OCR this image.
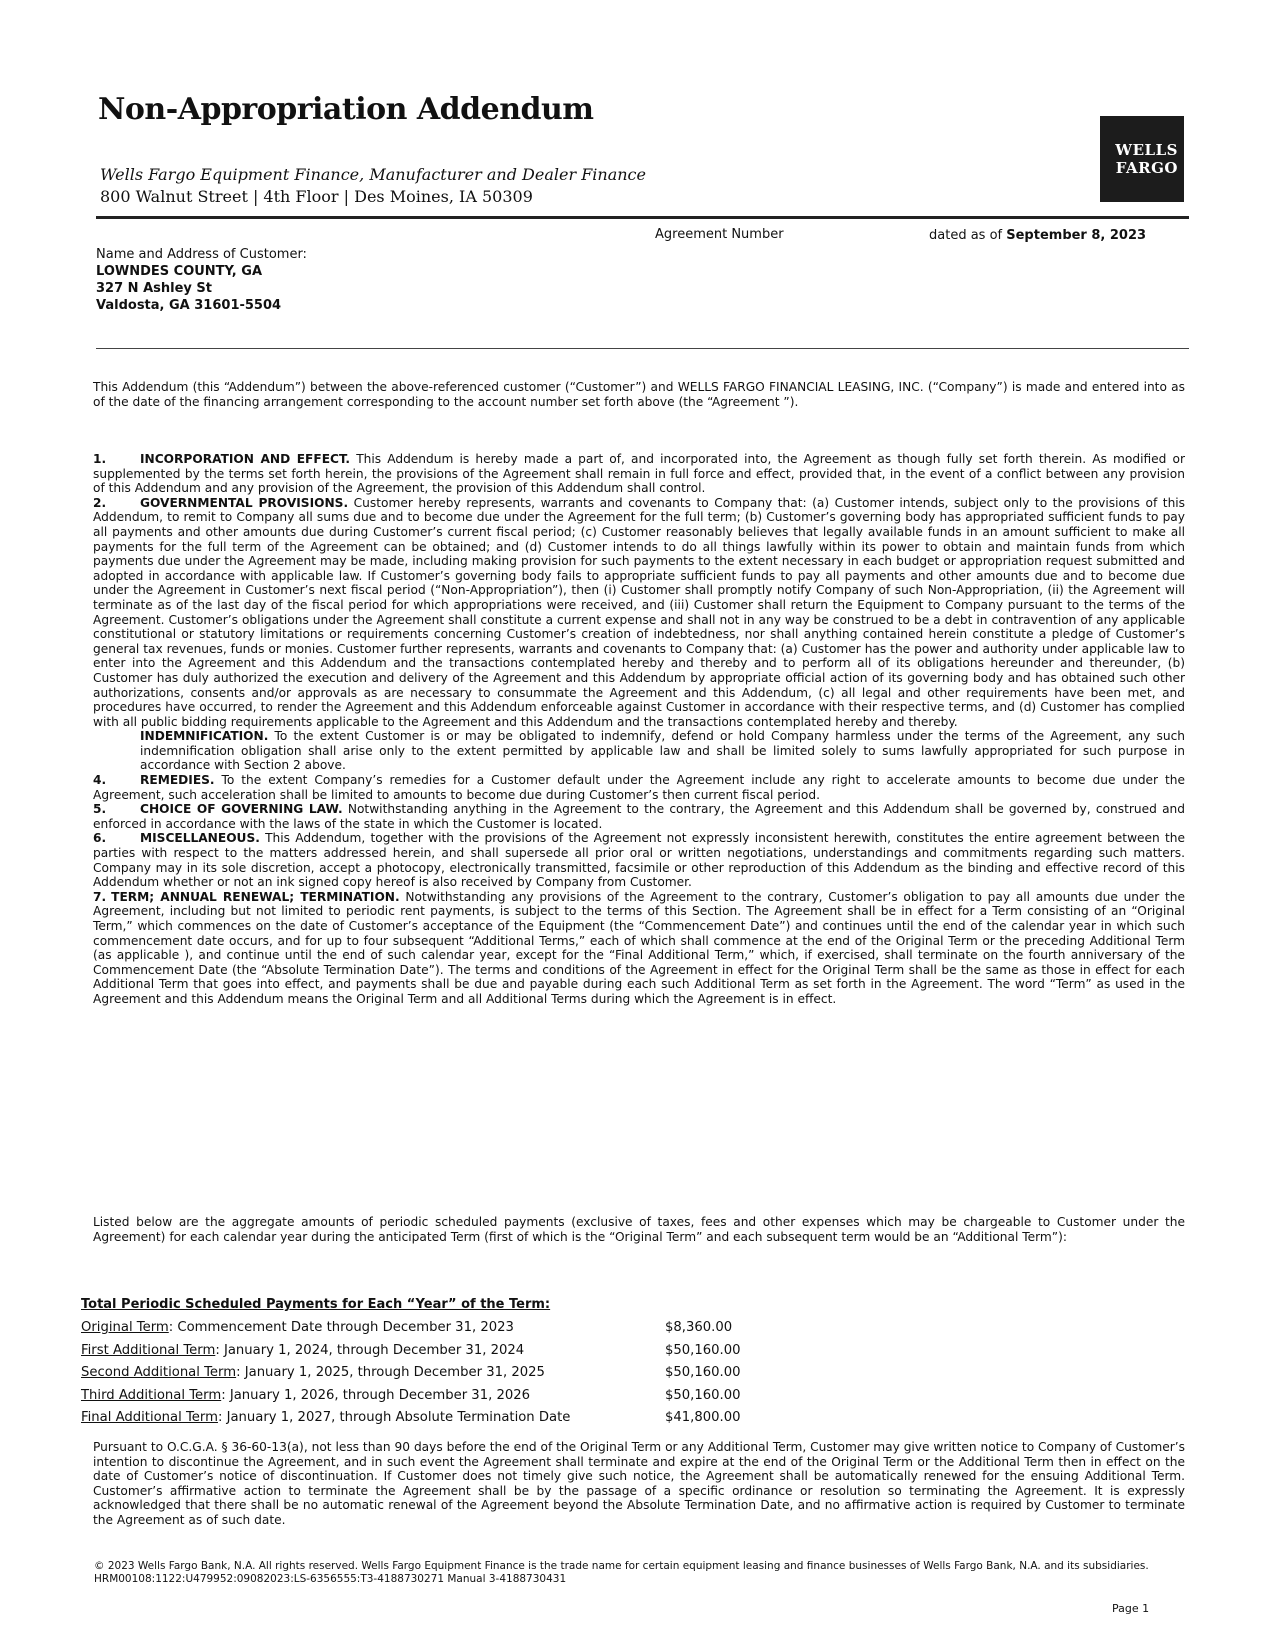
Non-Appropriation Addendum
Wells Fargo Equipment Finance, Manufacturer and Dealer Finance
800 Walnut Street | 4th Floor | Des Moines, IA 50309
WELLS
FARGO
Agreement Number	dated as of September 8, 2023
Name and Address of Customer:
LOWNDES COUNTY, GA
327 N Ashley St
Valdosta, GA 31601-5504

This Addendum (this “Addendum”) between the above-referenced customer (“Customer”) and WELLS FARGO FINANCIAL LEASING, INC. (“Company”) is made and entered into as of the date of the financing arrangement corresponding to the account number set forth above (the “Agreement ”).

1.	INCORPORATION AND EFFECT. This Addendum is hereby made a part of, and incorporated into, the Agreement as though fully set forth therein. As modified or supplemented by the terms set forth herein, the provisions of the Agreement shall remain in full force and effect, provided that, in the event of a conflict between any provision of this Addendum and any provision of the Agreement, the provision of this Addendum shall control.

2.	GOVERNMENTAL PROVISIONS. Customer hereby represents, warrants and covenants to Company that: (a) Customer intends, subject only to the provisions of this Addendum, to remit to Company all sums due and to become due under the Agreement for the full term; (b) Customer’s governing body has appropriated sufficient funds to pay all payments and other amounts due during Customer’s current fiscal period; (c) Customer reasonably believes that legally available funds in an amount sufficient to make all payments for the full term of the Agreement can be obtained; and (d) Customer intends to do all things lawfully within its power to obtain and maintain funds from which payments due under the Agreement may be made, including making provision for such payments to the extent necessary in each budget or appropriation request submitted and adopted in accordance with applicable law. If Customer’s governing body fails to appropriate sufficient funds to pay all payments and other amounts due and to become due under the Agreement in Customer’s next fiscal period (“Non-Appropriation”), then (i) Customer shall promptly notify Company of such Non-Appropriation, (ii) the Agreement will terminate as of the last day of the fiscal period for which appropriations were received, and (iii) Customer shall return the Equipment to Company pursuant to the terms of the Agreement. Customer’s obligations under the Agreement shall constitute a current expense and shall not in any way be construed to be a debt in contravention of any applicable constitutional or statutory limitations or requirements concerning Customer’s creation of indebtedness, nor shall anything contained herein constitute a pledge of Customer’s general tax revenues, funds or monies. Customer further represents, warrants and covenants to Company that: (a) Customer has the power and authority under applicable law to enter into the Agreement and this Addendum and the transactions contemplated hereby and thereby and to perform all of its obligations hereunder and thereunder, (b) Customer has duly authorized the execution and delivery of the Agreement and this Addendum by appropriate official action of its governing body and has obtained such other authorizations, consents and/or approvals as are necessary to consummate the Agreement and this Addendum, (c) all legal and other requirements have been met, and procedures have occurred, to render the Agreement and this Addendum enforceable against Customer in accordance with their respective terms, and (d) Customer has complied with all public bidding requirements applicable to the Agreement and this Addendum and the transactions contemplated hereby and thereby.

INDEMNIFICATION. To the extent Customer is or may be obligated to indemnify, defend or hold Company harmless under the terms of the Agreement, any such indemnification obligation shall arise only to the extent permitted by applicable law and shall be limited solely to sums lawfully appropriated for such purpose in accordance with Section 2 above.

4.	REMEDIES. To the extent Company’s remedies for a Customer default under the Agreement include any right to accelerate amounts to become due under the Agreement, such acceleration shall be limited to amounts to become due during Customer’s then current fiscal period.

5.	CHOICE OF GOVERNING LAW. Notwithstanding anything in the Agreement to the contrary, the Agreement and this Addendum shall be governed by, construed and enforced in accordance with the laws of the state in which the Customer is located.

6.	MISCELLANEOUS. This Addendum, together with the provisions of the Agreement not expressly inconsistent herewith, constitutes the entire agreement between the parties with respect to the matters addressed herein, and shall supersede all prior oral or written negotiations, understandings and commitments regarding such matters. Company may in its sole discretion, accept a photocopy, electronically transmitted, facsimile or other reproduction of this Addendum as the binding and effective record of this Addendum whether or not an ink signed copy hereof is also received by Company from Customer.

7. TERM; ANNUAL RENEWAL; TERMINATION. Notwithstanding any provisions of the Agreement to the contrary, Customer’s obligation to pay all amounts due under the Agreement, including but not limited to periodic rent payments, is subject to the terms of this Section. The Agreement shall be in effect for a Term consisting of an “Original Term,” which commences on the date of Customer’s acceptance of the Equipment (the “Commencement Date”) and continues until the end of the calendar year in which such commencement date occurs, and for up to four subsequent “Additional Terms,” each of which shall commence at the end of the Original Term or the preceding Additional Term (as applicable ), and continue until the end of such calendar year, except for the “Final Additional Term,” which, if exercised, shall terminate on the fourth anniversary of the Commencement Date (the “Absolute Termination Date”). The terms and conditions of the Agreement in effect for the Original Term shall be the same as those in effect for each Additional Term that goes into effect, and payments shall be due and payable during each such Additional Term as set forth in the Agreement. The word “Term” as used in the Agreement and this Addendum means the Original Term and all Additional Terms during which the Agreement is in effect.

Listed below are the aggregate amounts of periodic scheduled payments (exclusive of taxes, fees and other expenses which may be chargeable to Customer under the Agreement) for each calendar year during the anticipated Term (first of which is the “Original Term” and each subsequent term would be an “Additional Term”):

Total Periodic Scheduled Payments for Each “Year” of the Term:
Original Term: Commencement Date through December 31, 2023	$8,360.00
First Additional Term: January 1, 2024, through December 31, 2024	$50,160.00
Second Additional Term: January 1, 2025, through December 31, 2025	$50,160.00
Third Additional Term: January 1, 2026, through December 31, 2026	$50,160.00
Final Additional Term: January 1, 2027, through Absolute Termination Date	$41,800.00

Pursuant to O.C.G.A. § 36-60-13(a), not less than 90 days before the end of the Original Term or any Additional Term, Customer may give written notice to Company of Customer’s intention to discontinue the Agreement, and in such event the Agreement shall terminate and expire at the end of the Original Term or the Additional Term then in effect on the date of Customer’s notice of discontinuation. If Customer does not timely give such notice, the Agreement shall be automatically renewed for the ensuing Additional Term. Customer’s affirmative action to terminate the Agreement shall be by the passage of a specific ordinance or resolution so terminating the Agreement. It is expressly acknowledged that there shall be no automatic renewal of the Agreement beyond the Absolute Termination Date, and no affirmative action is required by Customer to terminate the Agreement as of such date.

© 2023 Wells Fargo Bank, N.A. All rights reserved. Wells Fargo Equipment Finance is the trade name for certain equipment leasing and finance businesses of Wells Fargo Bank, N.A. and its subsidiaries.
HRM00108:1122:U479952:09082023:LS-6356555:T3-4188730271 Manual 3-4188730431
Page 1
